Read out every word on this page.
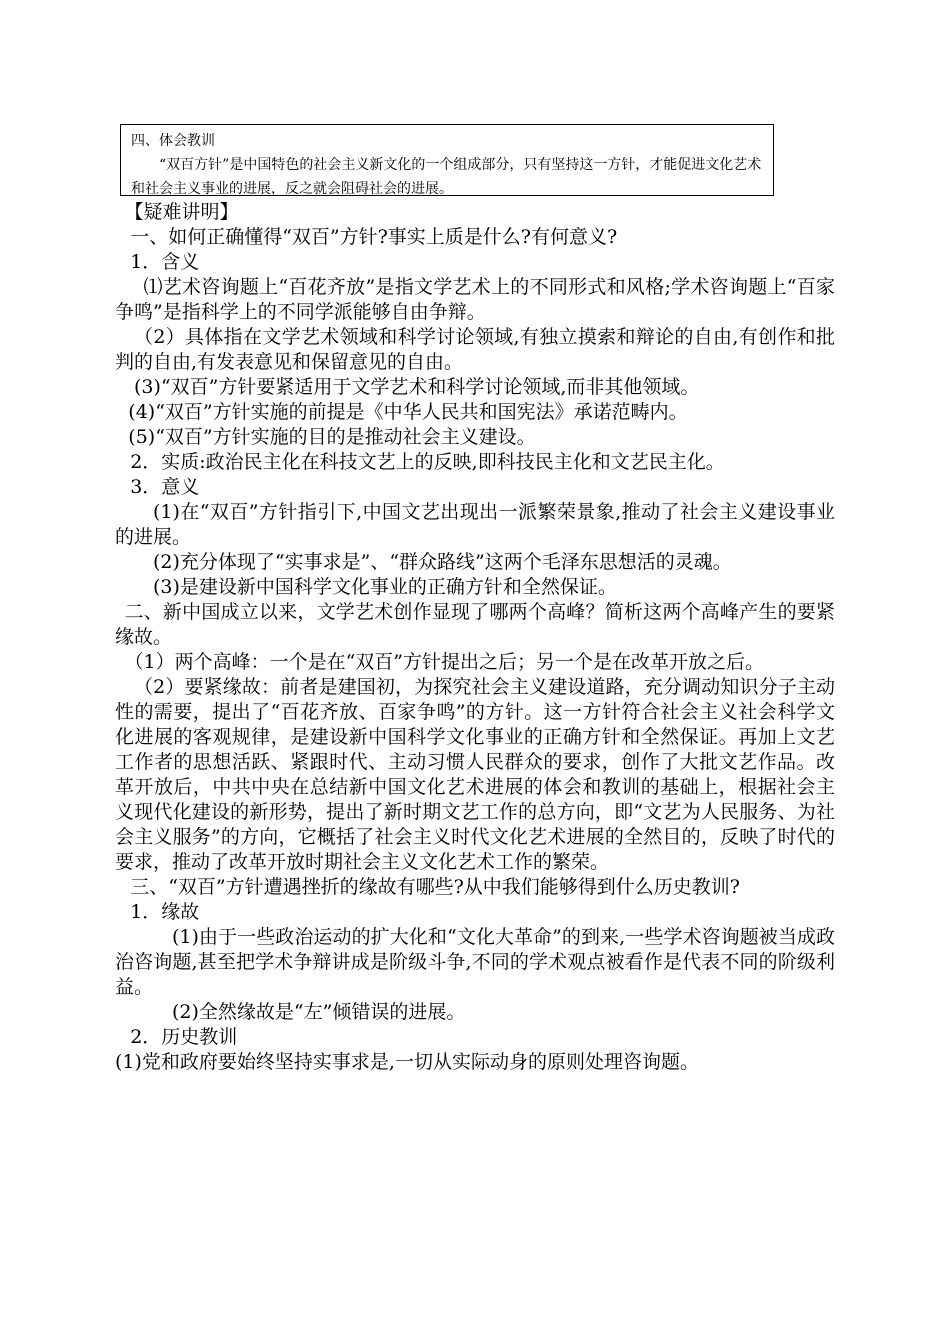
四、体会教训

“双百方针”是中国特色的社会主义新文化的一个组成部分，只有坚持这一方针，才能促进文化艺术和社会主义事业的进展，反之就会阻碍社会的进展。

【疑难讲明】

一、如何正确懂得“双百”方针?事实上质是什么?有何意义?

1．含义

⑴艺术咨询题上“百花齐放”是指文学艺术上的不同形式和风格;学术咨询题上“百家争鸣”是指科学上的不同学派能够自由争辩。

（2）具体指在文学艺术领域和科学讨论领域,有独立摸索和辩论的自由,有创作和批判的自由,有发表意见和保留意见的自由。

(3)“双百”方针要紧适用于文学艺术和科学讨论领域,而非其他领域。

(4)“双百”方针实施的前提是《中华人民共和国宪法》承诺范畴内。

(5)“双百”方针实施的目的是推动社会主义建设。

2．实质:政治民主化在科技文艺上的反映,即科技民主化和文艺民主化。

3．意义

(1)在“双百”方针指引下,中国文艺出现出一派繁荣景象,推动了社会主义建设事业的进展。

(2)充分体现了“实事求是”、“群众路线”这两个毛泽东思想活的灵魂。

(3)是建设新中国科学文化事业的正确方针和全然保证。

二、新中国成立以来，文学艺术创作显现了哪两个高峰？简析这两个高峰产生的要紧缘故。

（1）两个高峰：一个是在“双百”方针提出之后；另一个是在改革开放之后。

（2）要紧缘故：前者是建国初，为探究社会主义建设道路，充分调动知识分子主动性的需要，提出了“百花齐放、百家争鸣”的方针。这一方针符合社会主义社会科学文化进展的客观规律，是建设新中国科学文化事业的正确方针和全然保证。再加上文艺工作者的思想活跃、紧跟时代、主动习惯人民群众的要求，创作了大批文艺作品。改革开放后，中共中央在总结新中国文化艺术进展的体会和教训的基础上，根据社会主义现代化建设的新形势，提出了新时期文艺工作的总方向，即“文艺为人民服务、为社会主义服务”的方向，它概括了社会主义时代文化艺术进展的全然目的，反映了时代的要求，推动了改革开放时期社会主义文化艺术工作的繁荣。

三、“双百”方针遭遇挫折的缘故有哪些?从中我们能够得到什么历史教训?

1．缘故

(1)由于一些政治运动的扩大化和“文化大革命”的到来,一些学术咨询题被当成政治咨询题,甚至把学术争辩讲成是阶级斗争,不同的学术观点被看作是代表不同的阶级利益。

(2)全然缘故是“左”倾错误的进展。

2．历史教训

(1)党和政府要始终坚持实事求是,一切从实际动身的原则处理咨询题。
